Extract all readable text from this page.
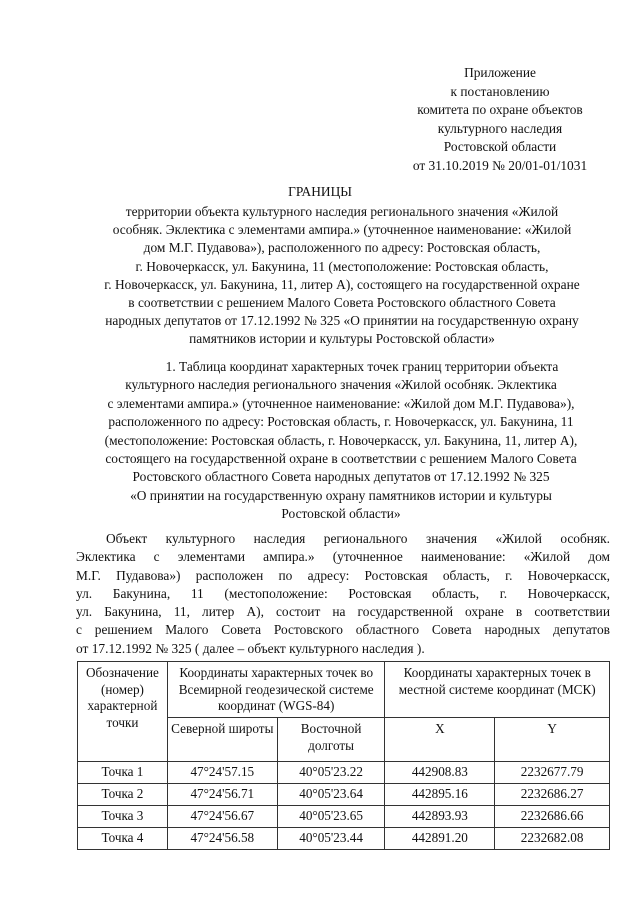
Приложение
к постановлению
комитета по охране объектов
культурного наследия
Ростовской области
от 31.10.2019 № 20/01-01/1031
ГРАНИЦЫ
территории объекта культурного наследия регионального значения «Жилой
особняк. Эклектика с элементами ампира.» (уточненное наименование: «Жилой
дом М.Г. Пудавова»), расположенного по адресу: Ростовская область,
г. Новочеркасск, ул. Бакунина, 11 (местоположение: Ростовская область,
г. Новочеркасск, ул. Бакунина, 11, литер А), состоящего на государственной охране
в соответствии с решением Малого Совета Ростовского областного Совета
народных депутатов от 17.12.1992 № 325 «О принятии на государственную охрану
памятников истории и культуры Ростовской области»
1. Таблица координат характерных точек границ территории объекта
культурного наследия регионального значения «Жилой особняк. Эклектика
с элементами ампира.» (уточненное наименование: «Жилой дом М.Г. Пудавова»),
расположенного по адресу: Ростовская область, г. Новочеркасск, ул. Бакунина, 11
(местоположение: Ростовская область, г. Новочеркасск, ул. Бакунина, 11, литер А),
состоящего на государственной охране в соответствии с решением Малого Совета
Ростовского областного Совета народных депутатов от 17.12.1992 № 325
«О принятии на государственную охрану памятников истории и культуры
Ростовской области»
Объект культурного наследия регионального значения «Жилой особняк.
Эклектика с элементами ампира.» (уточненное наименование: «Жилой дом
М.Г. Пудавова») расположен по адресу: Ростовская область, г. Новочеркасск,
ул. Бакунина, 11 (местоположение: Ростовская область, г. Новочеркасск,
ул. Бакунина, 11, литер А), состоит на государственной охране в соответствии
с решением Малого Совета Ростовского областного Совета народных депутатов
от 17.12.1992 № 325 ( далее – объект культурного наследия ).
Обозначение (номер) характерной точки	Координаты характерных точек во Всемирной геодезической системе координат (WGS-84)		Координаты характерных точек в местной системе координат (МСК)	
	Северной широты	Восточной долготы	X	Y
Точка 1	47°24'57.15	40°05'23.22	442908.83	2232677.79
Точка 2	47°24'56.71	40°05'23.64	442895.16	2232686.27
Точка 3	47°24'56.67	40°05'23.65	442893.93	2232686.66
Точка 4	47°24'56.58	40°05'23.44	442891.20	2232682.08
